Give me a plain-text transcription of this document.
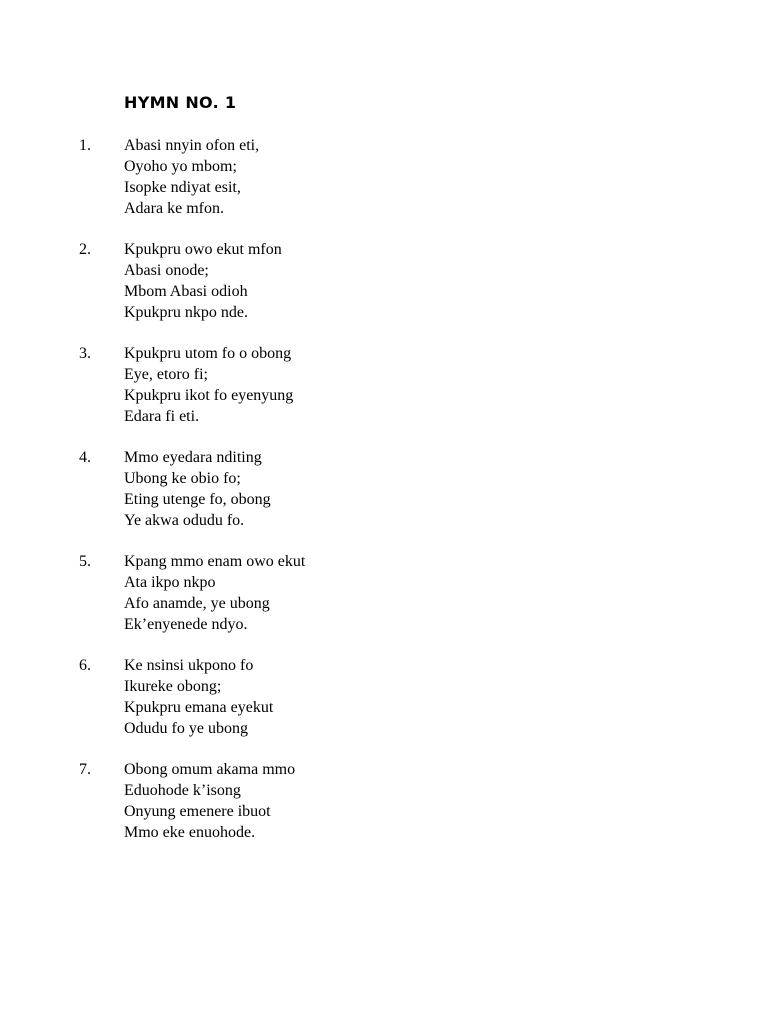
HYMN NO. 1
1. Abasi nnyin ofon eti,
Oyoho yo mbom;
Isopke ndiyat esit,
Adara ke mfon.
2. Kpukpru owo ekut mfon
Abasi onode;
Mbom Abasi odioh
Kpukpru nkpo nde.
3. Kpukpru utom fo o obong
Eye, etoro fi;
Kpukpru ikot fo eyenyung
Edara fi eti.
4. Mmo eyedara nditing
Ubong ke obio fo;
Eting utenge fo, obong
Ye akwa odudu fo.
5. Kpang mmo enam owo ekut
Ata ikpo nkpo
Afo anamde, ye ubong
Ek’enyenede ndyo.
6. Ke nsinsi ukpono fo
Ikureke obong;
Kpukpru emana eyekut
Odudu fo ye ubong
7. Obong omum akama mmo
Eduohode k’isong
Onyung emenere ibuot
Mmo eke enuohode.
